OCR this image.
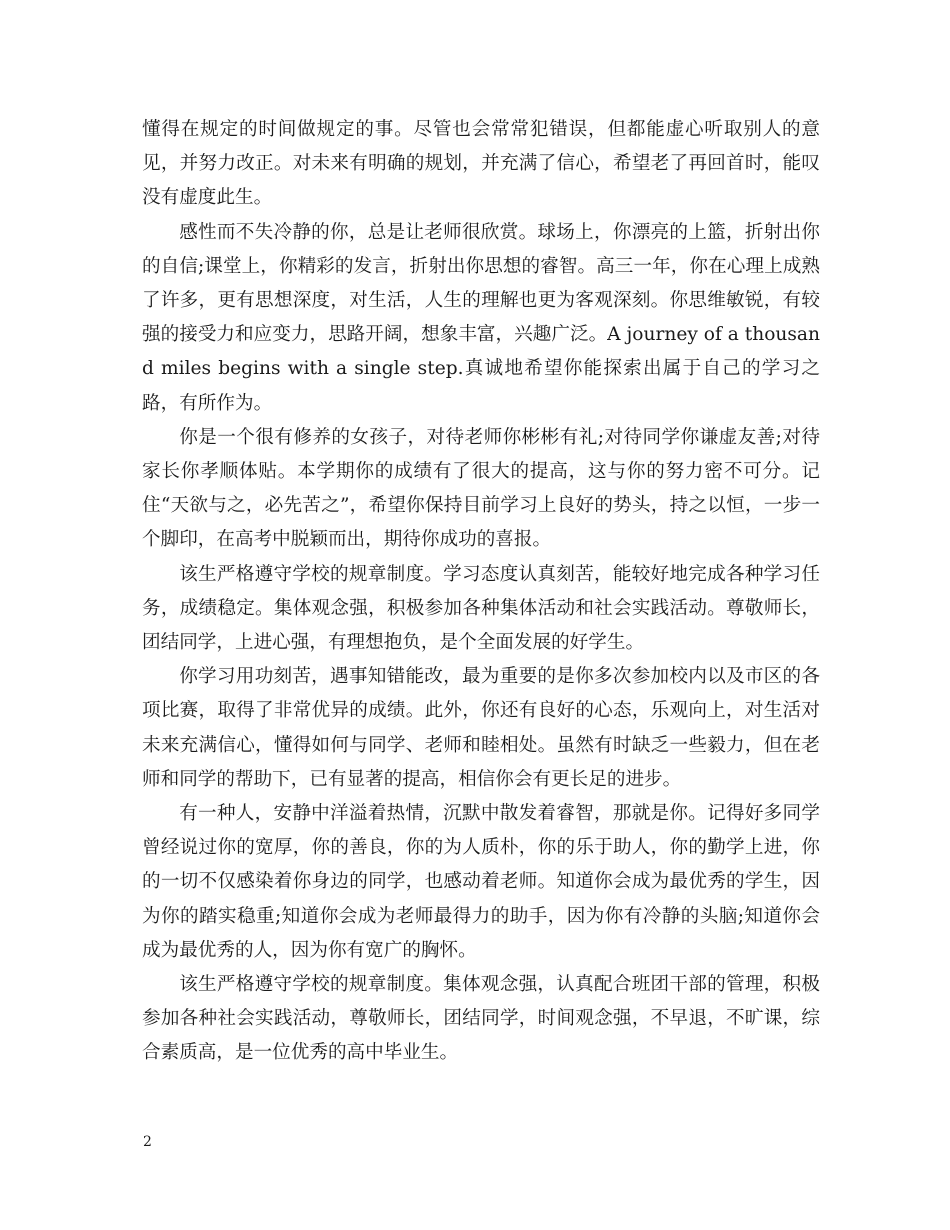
懂得在规定的时间做规定的事。尽管也会常常犯错误，但都能虚心听取别人的意见，并努力改正。对未来有明确的规划，并充满了信心，希望老了再回首时，能叹没有虚度此生。

感性而不失冷静的你，总是让老师很欣赏。球场上，你漂亮的上篮，折射出你的自信;课堂上，你精彩的发言，折射出你思想的睿智。高三一年，你在心理上成熟了许多，更有思想深度，对生活，人生的理解也更为客观深刻。你思维敏锐，有较强的接受力和应变力，思路开阔，想象丰富，兴趣广泛。A journey of a thousand miles begins with a single step.真诚地希望你能探索出属于自己的学习之路，有所作为。

你是一个很有修养的女孩子，对待老师你彬彬有礼;对待同学你谦虚友善;对待家长你孝顺体贴。本学期你的成绩有了很大的提高，这与你的努力密不可分。记住“天欲与之，必先苦之”，希望你保持目前学习上良好的势头，持之以恒，一步一个脚印，在高考中脱颖而出，期待你成功的喜报。

该生严格遵守学校的规章制度。学习态度认真刻苦，能较好地完成各种学习任务，成绩稳定。集体观念强，积极参加各种集体活动和社会实践活动。尊敬师长，团结同学，上进心强，有理想抱负，是个全面发展的好学生。

你学习用功刻苦，遇事知错能改，最为重要的是你多次参加校内以及市区的各项比赛，取得了非常优异的成绩。此外，你还有良好的心态，乐观向上，对生活对未来充满信心，懂得如何与同学、老师和睦相处。虽然有时缺乏一些毅力，但在老师和同学的帮助下，已有显著的提高，相信你会有更长足的进步。

有一种人，安静中洋溢着热情，沉默中散发着睿智，那就是你。记得好多同学曾经说过你的宽厚，你的善良，你的为人质朴，你的乐于助人，你的勤学上进，你的一切不仅感染着你身边的同学，也感动着老师。知道你会成为最优秀的学生，因为你的踏实稳重;知道你会成为老师最得力的助手，因为你有冷静的头脑;知道你会成为最优秀的人，因为你有宽广的胸怀。

该生严格遵守学校的规章制度。集体观念强，认真配合班团干部的管理，积极参加各种社会实践活动，尊敬师长，团结同学，时间观念强，不早退，不旷课，综合素质高，是一位优秀的高中毕业生。

2
